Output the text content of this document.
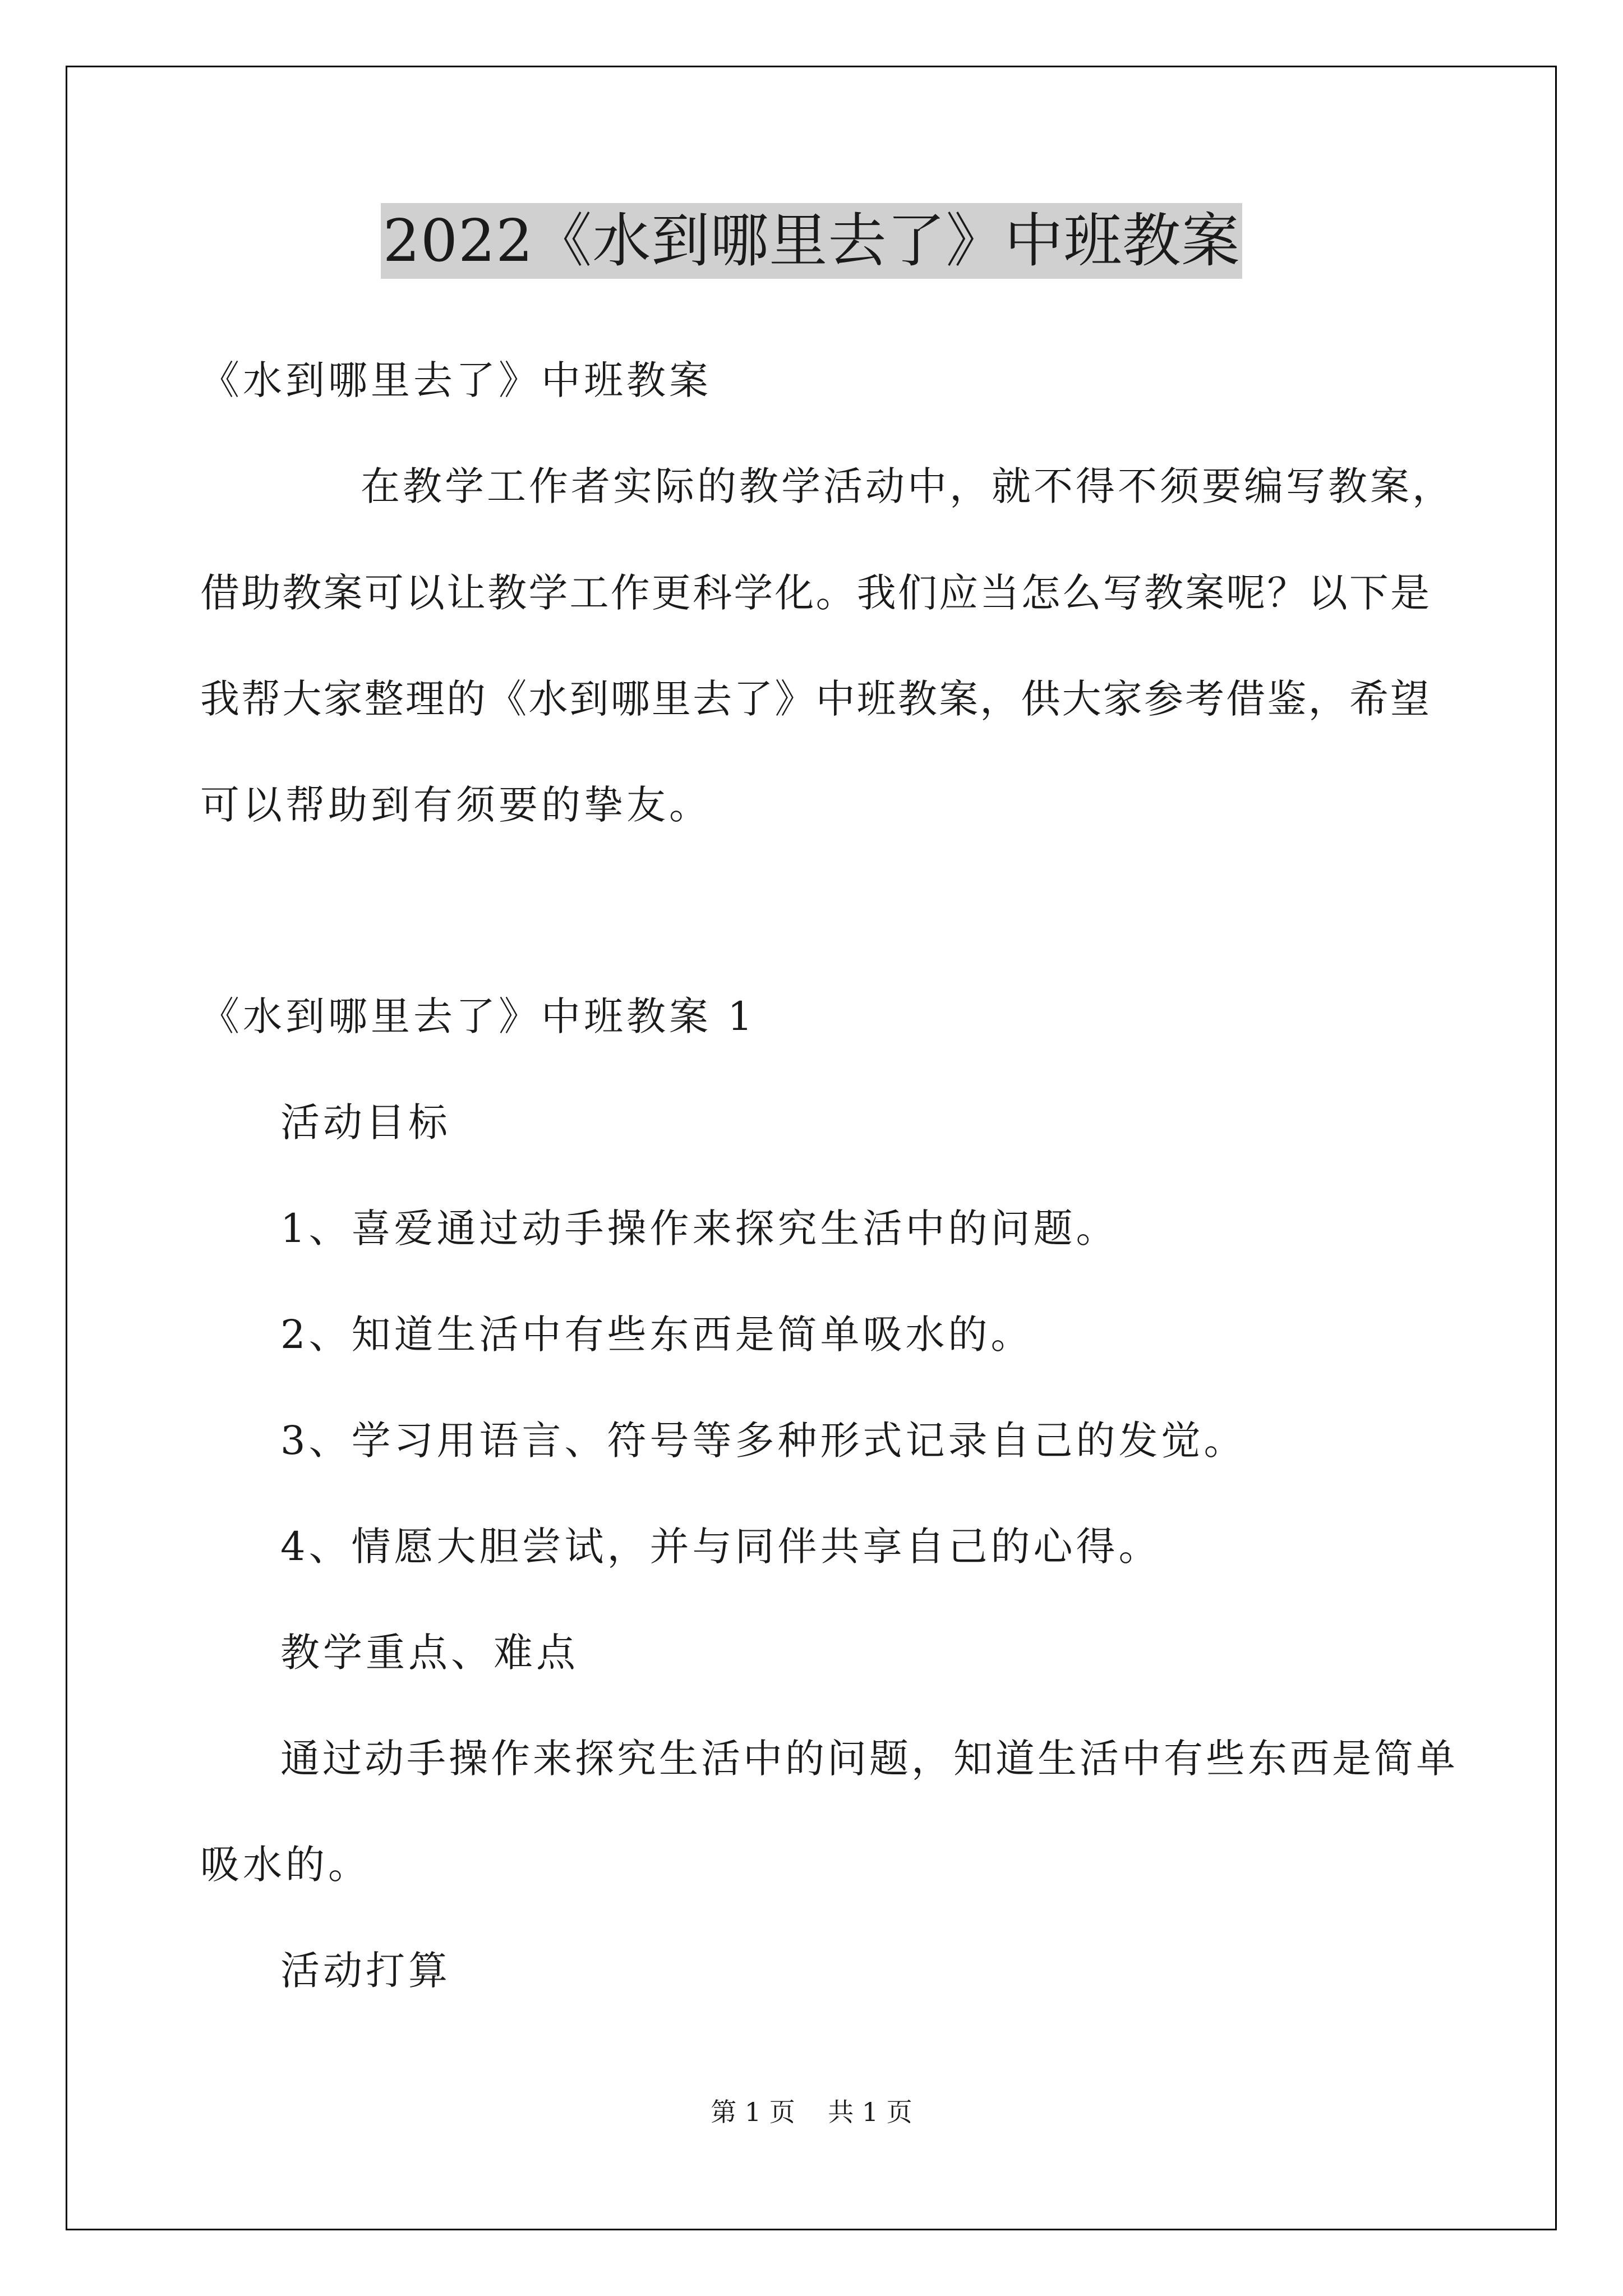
2022《水到哪里去了》中班教案
《水到哪里去了》中班教案
在教学工作者实际的教学活动中，就不得不须要编写教案，
借助教案可以让教学工作更科学化。我们应当怎么写教案呢？以下是
我帮大家整理的《水到哪里去了》中班教案，供大家参考借鉴，希望
可以帮助到有须要的挚友。
《水到哪里去了》中班教案 1
活动目标
1、喜爱通过动手操作来探究生活中的问题。
2、知道生活中有些东西是简单吸水的。
3、学习用语言、符号等多种形式记录自己的发觉。
4、情愿大胆尝试，并与同伴共享自己的心得。
教学重点、难点
通过动手操作来探究生活中的问题，知道生活中有些东西是简单
吸水的。
活动打算
第 1 页    共 1 页
